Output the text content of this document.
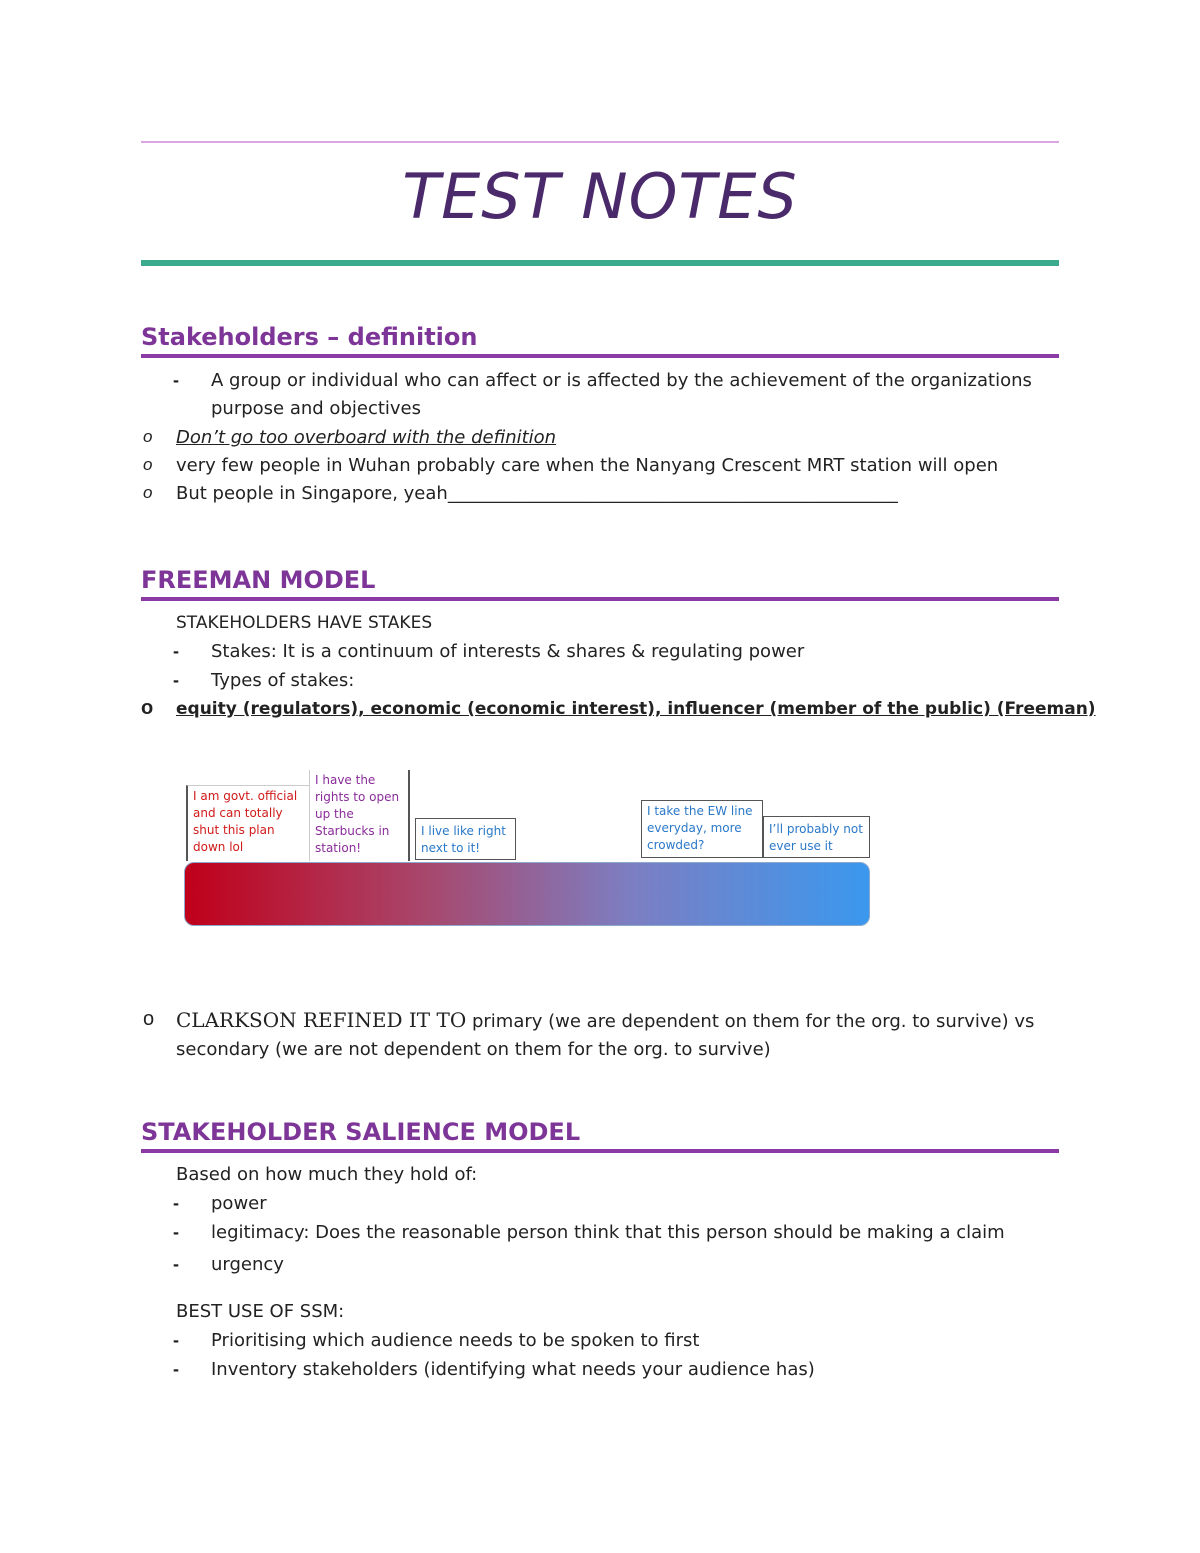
TEST NOTES
Stakeholders – definition
- A group or individual who can affect or is affected by the achievement of the organizations
purpose and objectives
o Don’t go too overboard with the definition
o very few people in Wuhan probably care when the Nanyang Crescent MRT station will open
o But people in Singapore, yeah__________________________________________________
FREEMAN MODEL
STAKEHOLDERS HAVE STAKES
- Stakes: It is a continuum of interests & shares & regulating power
- Types of stakes:
o equity (regulators), economic (economic interest), influencer (member of the public) (Freeman)
I am govt. official and can totally shut this plan down lol
I have the rights to open up the Starbucks in station!
I live like right next to it!
I take the EW line everyday, more crowded?
I’ll probably not ever use it
o CLARKSON REFINED IT TO primary (we are dependent on them for the org. to survive) vs
secondary (we are not dependent on them for the org. to survive)
STAKEHOLDER SALIENCE MODEL
Based on how much they hold of:
- power
- legitimacy: Does the reasonable person think that this person should be making a claim
- urgency
BEST USE OF SSM:
- Prioritising which audience needs to be spoken to first
- Inventory stakeholders (identifying what needs your audience has)
